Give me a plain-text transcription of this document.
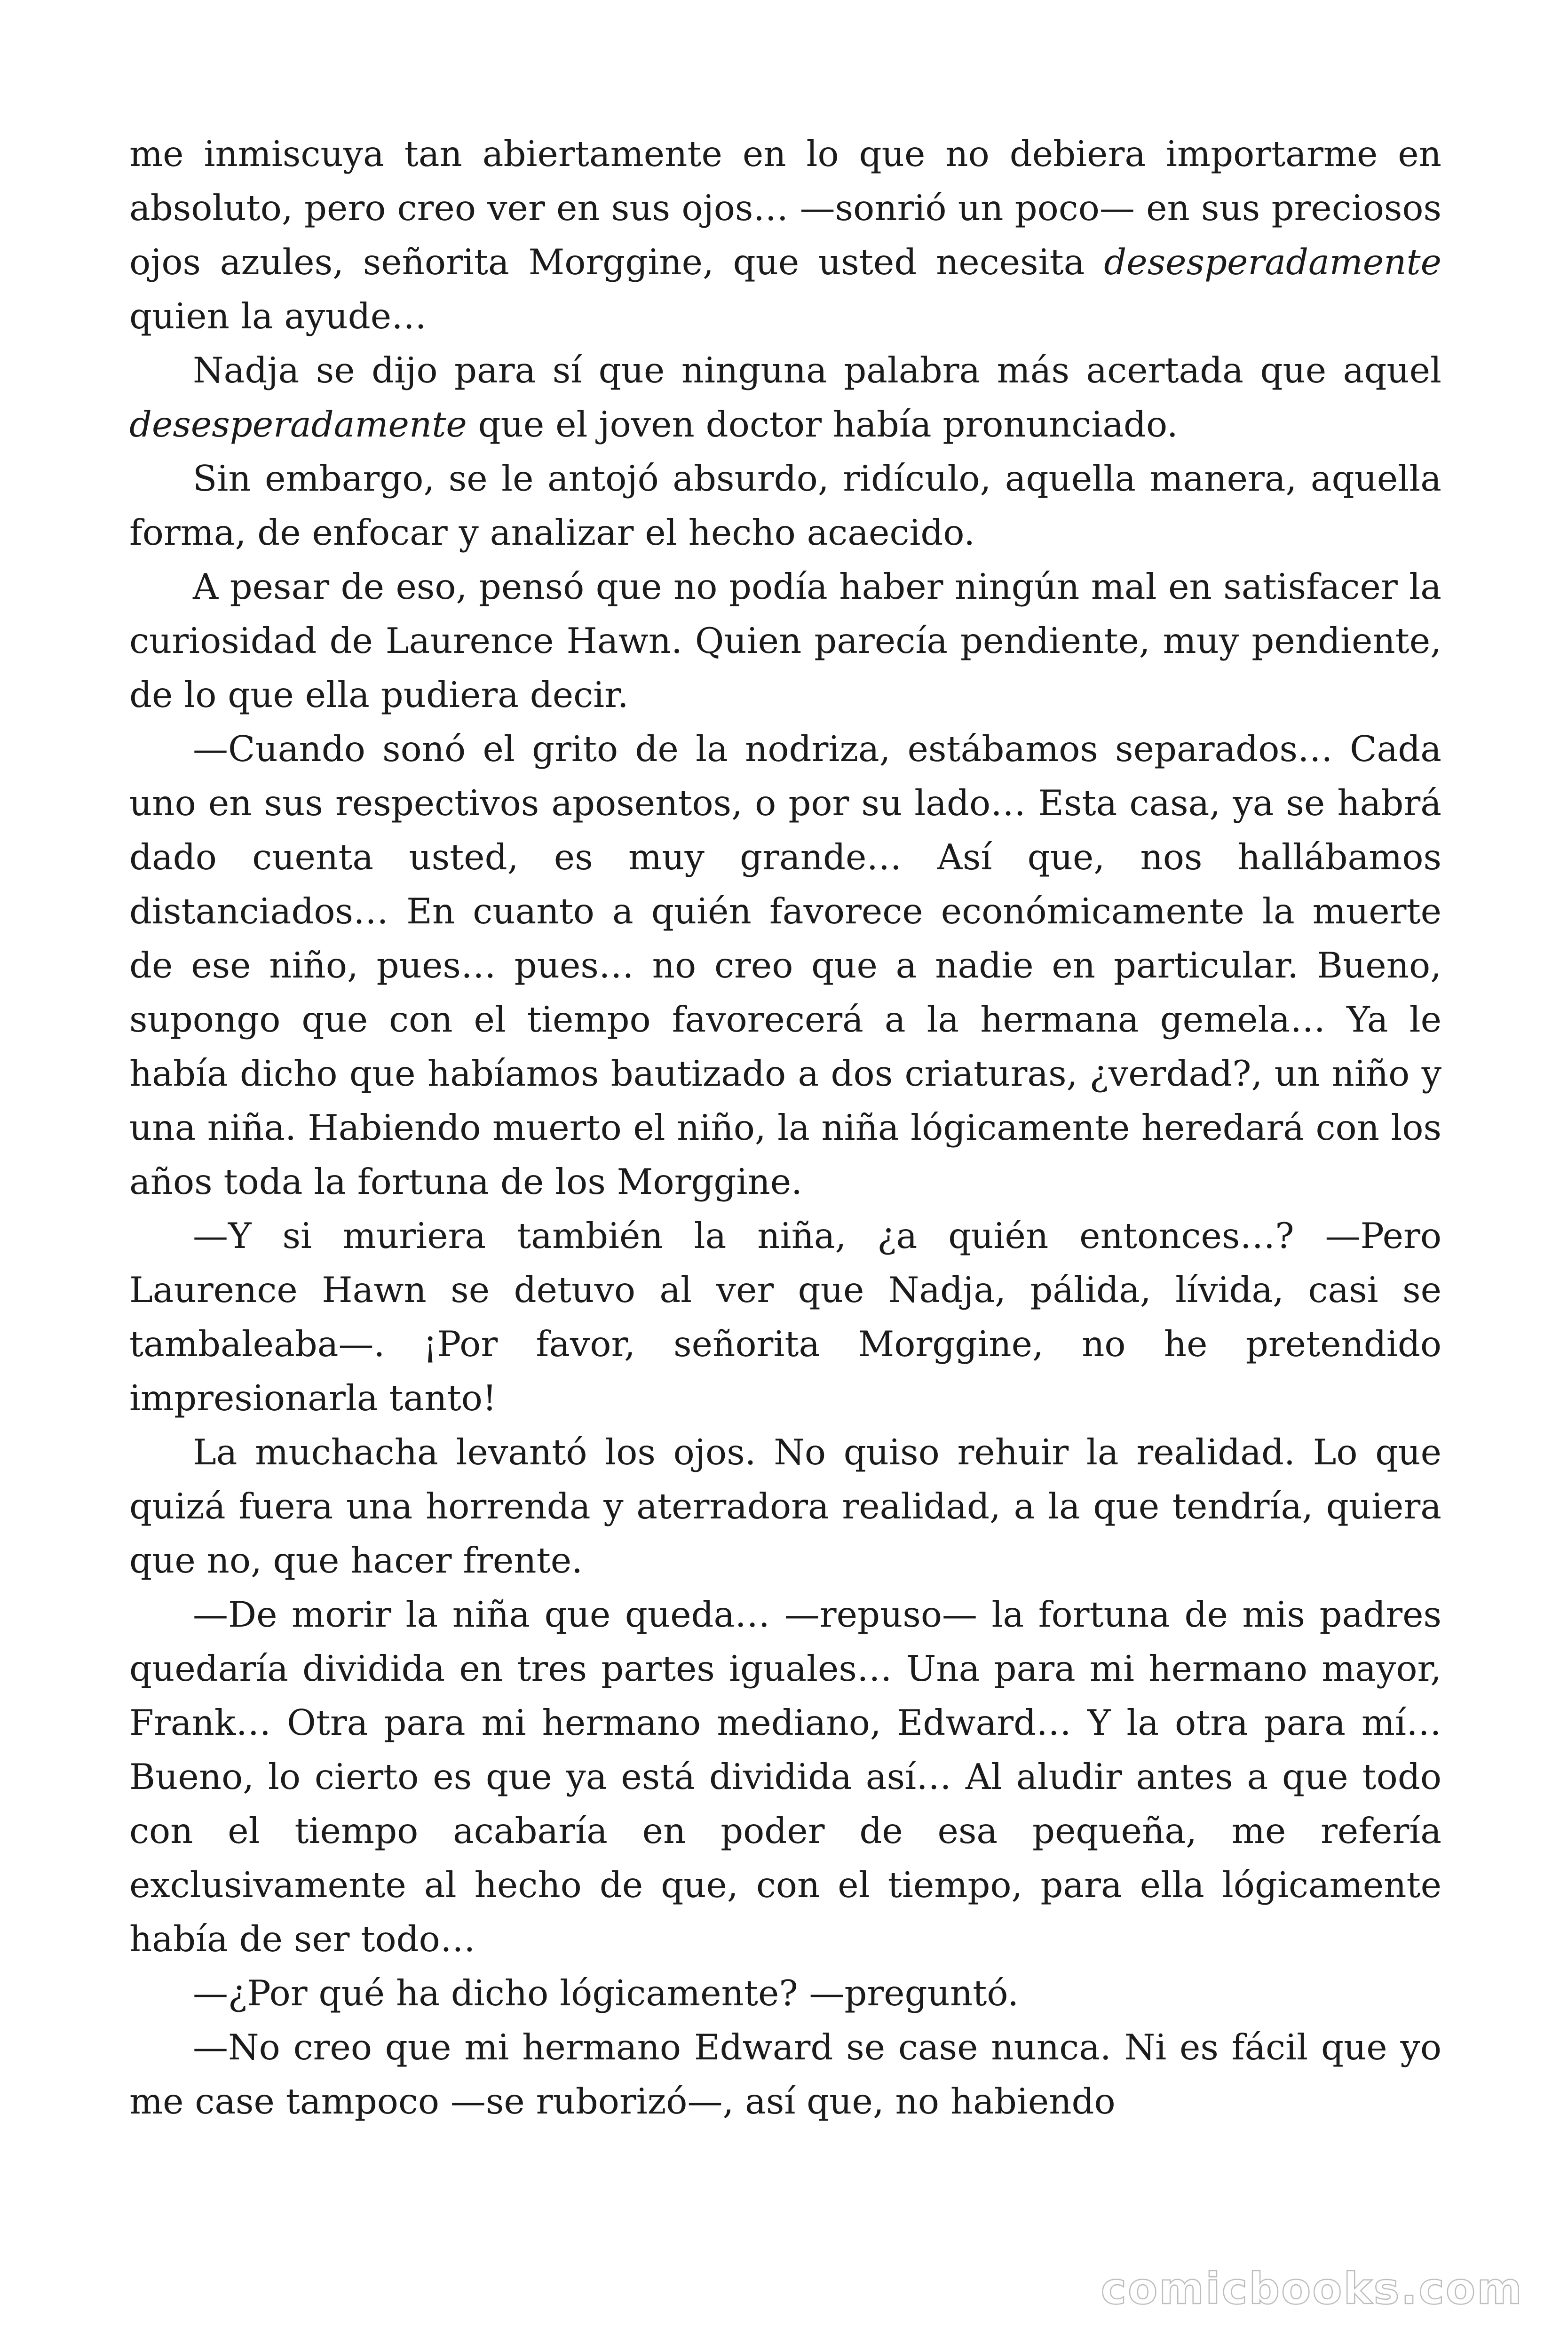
me inmiscuya tan abiertamente en lo que no debiera importarme en absoluto, pero creo ver en sus ojos… —sonrió un poco— en sus preciosos ojos azules, señorita Morggine, que usted necesita desesperadamente quien la ayude…

Nadja se dijo para sí que ninguna palabra más acertada que aquel desesperadamente que el joven doctor había pronunciado.

Sin embargo, se le antojó absurdo, ridículo, aquella manera, aquella forma, de enfocar y analizar el hecho acaecido.

A pesar de eso, pensó que no podía haber ningún mal en satisfacer la curiosidad de Laurence Hawn. Quien parecía pendiente, muy pendiente, de lo que ella pudiera decir.

—Cuando sonó el grito de la nodriza, estábamos separados… Cada uno en sus respectivos aposentos, o por su lado… Esta casa, ya se habrá dado cuenta usted, es muy grande… Así que, nos hallábamos distanciados… En cuanto a quién favorece económicamente la muerte de ese niño, pues… pues… no creo que a nadie en particular. Bueno, supongo que con el tiempo favorecerá a la hermana gemela… Ya le había dicho que habíamos bautizado a dos criaturas, ¿verdad?, un niño y una niña. Habiendo muerto el niño, la niña lógicamente heredará con los años toda la fortuna de los Morggine.

—Y si muriera también la niña, ¿a quién entonces…? —Pero Laurence Hawn se detuvo al ver que Nadja, pálida, lívida, casi se tambaleaba—. ¡Por favor, señorita Morggine, no he pretendido impresionarla tanto!

La muchacha levantó los ojos. No quiso rehuir la realidad. Lo que quizá fuera una horrenda y aterradora realidad, a la que tendría, quiera que no, que hacer frente.

—De morir la niña que queda… —repuso— la fortuna de mis padres quedaría dividida en tres partes iguales… Una para mi hermano mayor, Frank… Otra para mi hermano mediano, Edward… Y la otra para mí… Bueno, lo cierto es que ya está dividida así… Al aludir antes a que todo con el tiempo acabaría en poder de esa pequeña, me refería exclusivamente al hecho de que, con el tiempo, para ella lógicamente había de ser todo…

—¿Por qué ha dicho lógicamente? —preguntó.

—No creo que mi hermano Edward se case nunca. Ni es fácil que yo me case tampoco —se ruborizó—, así que, no habiendo

comicbooks.com
